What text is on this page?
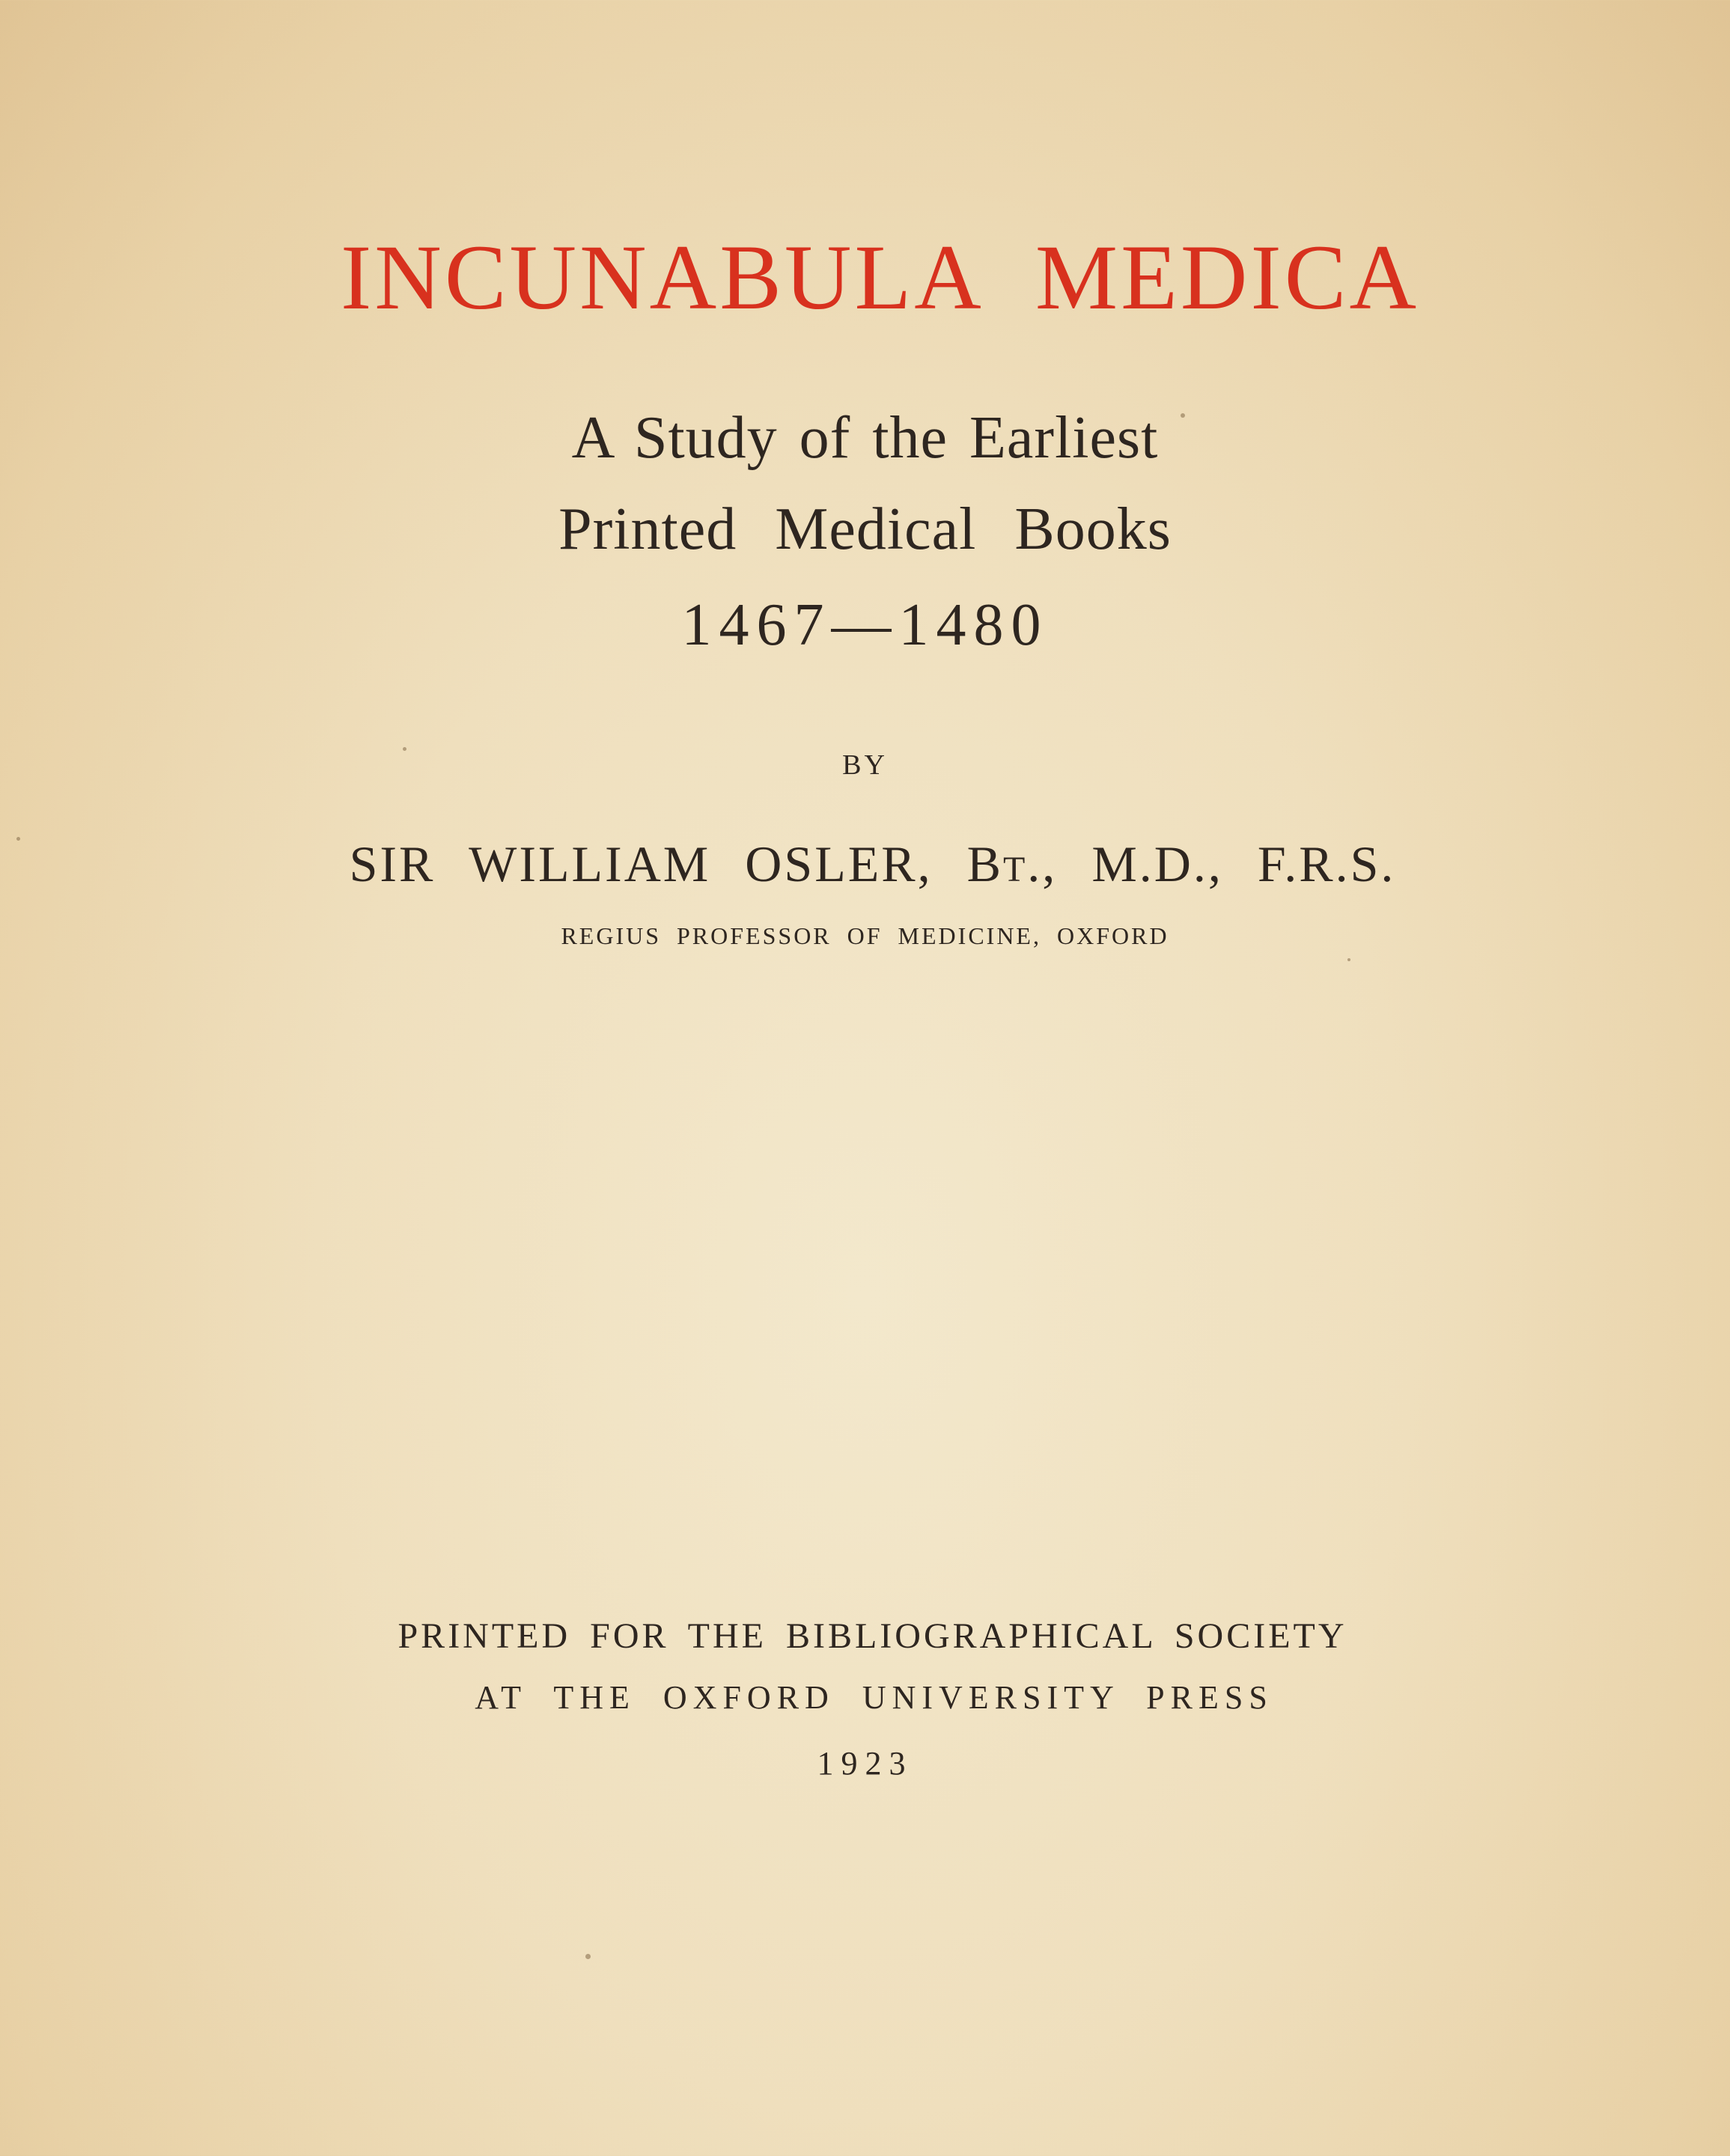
INCUNABULA MEDICA
A Study of the Earliest
Printed Medical Books
1467—1480
BY
SIR WILLIAM OSLER, Bt., M.D., F.R.S.
REGIUS PROFESSOR OF MEDICINE, OXFORD
PRINTED FOR THE BIBLIOGRAPHICAL SOCIETY
AT THE OXFORD UNIVERSITY PRESS
1923
